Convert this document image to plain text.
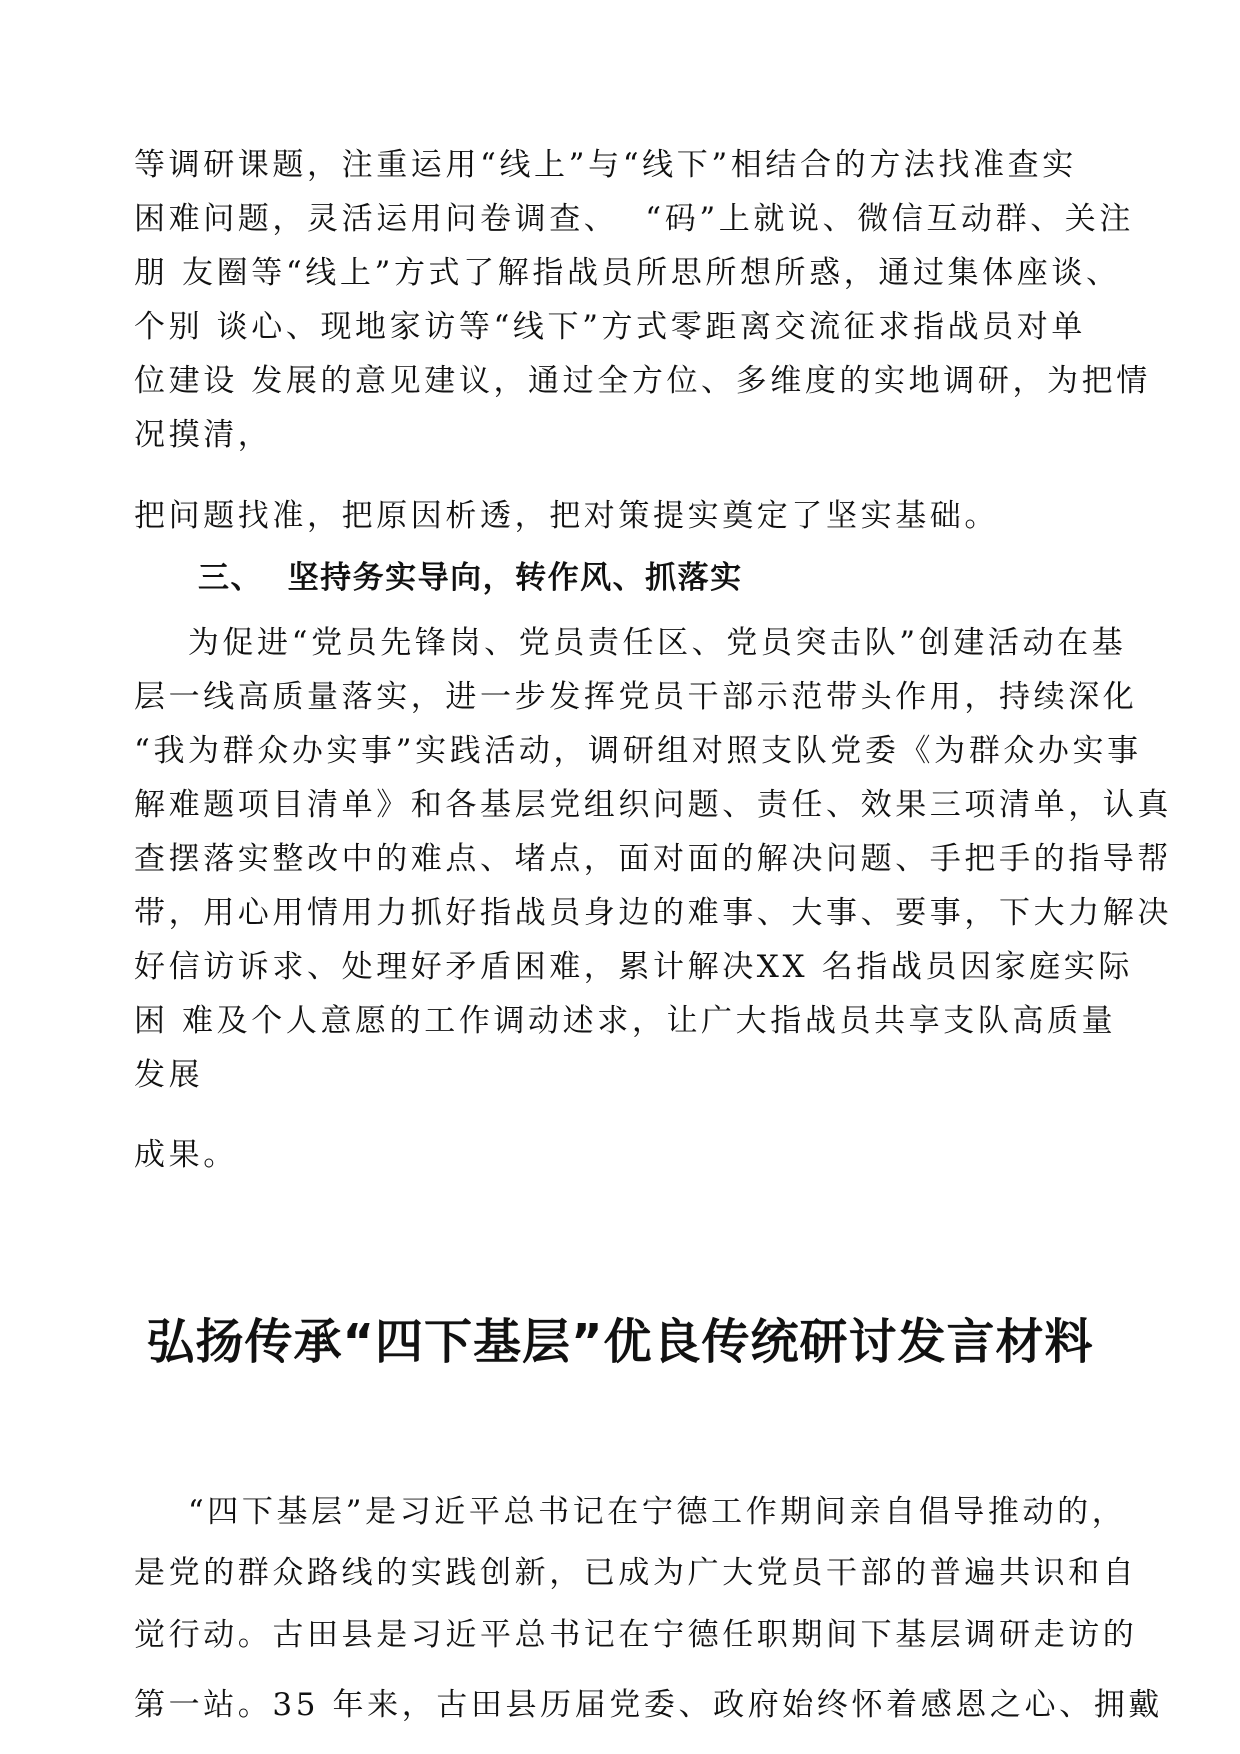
等调研课题，注重运用“线上”与“线下”相结合的方法找准查实
困难问题，灵活运用问卷调查、  “码”上就说、微信互动群、关注
朋 友圈等“线上”方式了解指战员所思所想所惑，通过集体座谈、
个别 谈心、现地家访等“线下”方式零距离交流征求指战员对单
位建设 发展的意见建议，通过全方位、多维度的实地调研，为把情
况摸清，
把问题找准，把原因析透，把对策提实奠定了坚实基础。
三、  坚持务实导向，转作风、抓落实
为促进“党员先锋岗、党员责任区、党员突击队”创建活动在基
层一线高质量落实，进一步发挥党员干部示范带头作用，持续深化
“我为群众办实事”实践活动，调研组对照支队党委《为群众办实事
解难题项目清单》和各基层党组织问题、责任、效果三项清单，认真
查摆落实整改中的难点、堵点，面对面的解决问题、手把手的指导帮
带，用心用情用力抓好指战员身边的难事、大事、要事，下大力解决
好信访诉求、处理好矛盾困难，累计解决XX 名指战员因家庭实际
困 难及个人意愿的工作调动述求，让广大指战员共享支队高质量
发展
成果。
弘扬传承“四下基层”优良传统研讨发言材料
“四下基层”是习近平总书记在宁德工作期间亲自倡导推动的，
是党的群众路线的实践创新，已成为广大党员干部的普遍共识和自
觉行动。古田县是习近平总书记在宁德任职期间下基层调研走访的
第一站。35 年来，古田县历届党委、政府始终怀着感恩之心、拥戴
